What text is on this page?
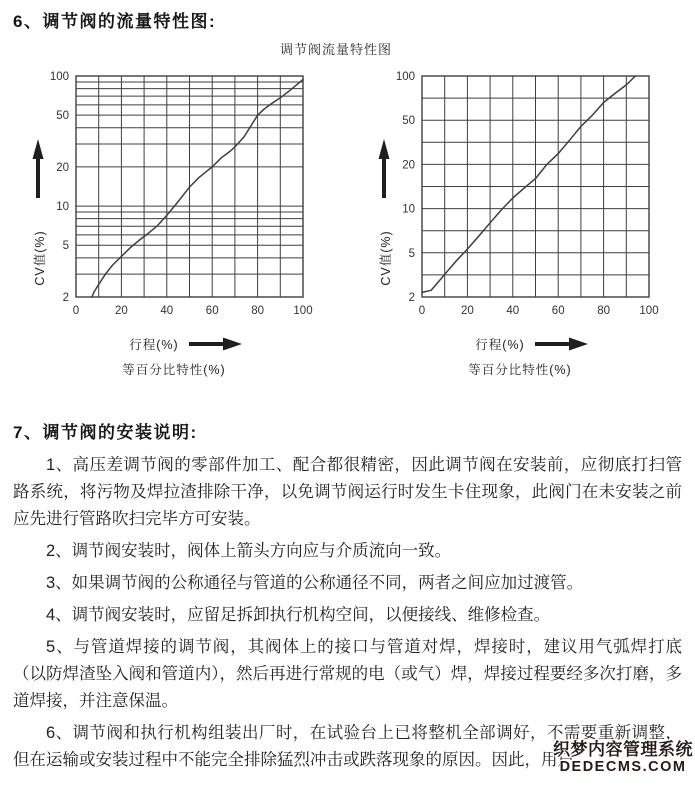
6、调节阀的流量特性图:
调节阀流量特性图
2
5
10
20
50
100
0	20	40	60	80	100
CV值(%)
行程(%)
等百分比特性(%)
2
5
10
20
50
100
0	20	40	60	80	100
CV值(%)
行程(%)
等百分比特性(%)
7、调节阀的安装说明:

1、高压差调节阀的零部件加工、配合都很精密，因此调节阀在安装前，应彻底打扫管路系统，将污物及焊拉渣排除干净，以免调节阀运行时发生卡住现象，此阀门在未安装之前应先进行管路吹扫完毕方可安装。

2、调节阀安装时，阀体上箭头方向应与介质流向一致。

3、如果调节阀的公称通径与管道的公称通径不同，两者之间应加过渡管。

4、调节阀安装时，应留足拆卸执行机构空间，以便接线、维修检查。

5、与管道焊接的调节阀，其阀体上的接口与管道对焊，焊接时，建议用气弧焊打底（以防焊渣坠入阀和管道内），然后再进行常规的电（或气）焊，焊接过程要经多次打磨，多道焊接，并注意保温。

6、调节阀和执行机构组装出厂时，在试验台上已将整机全部调好，不需要重新调整，但在运输或安装过程中不能完全排除猛烈冲击或跌落现象的原因。因此，用户

织梦内容管理系统
DEDECMS.COM
